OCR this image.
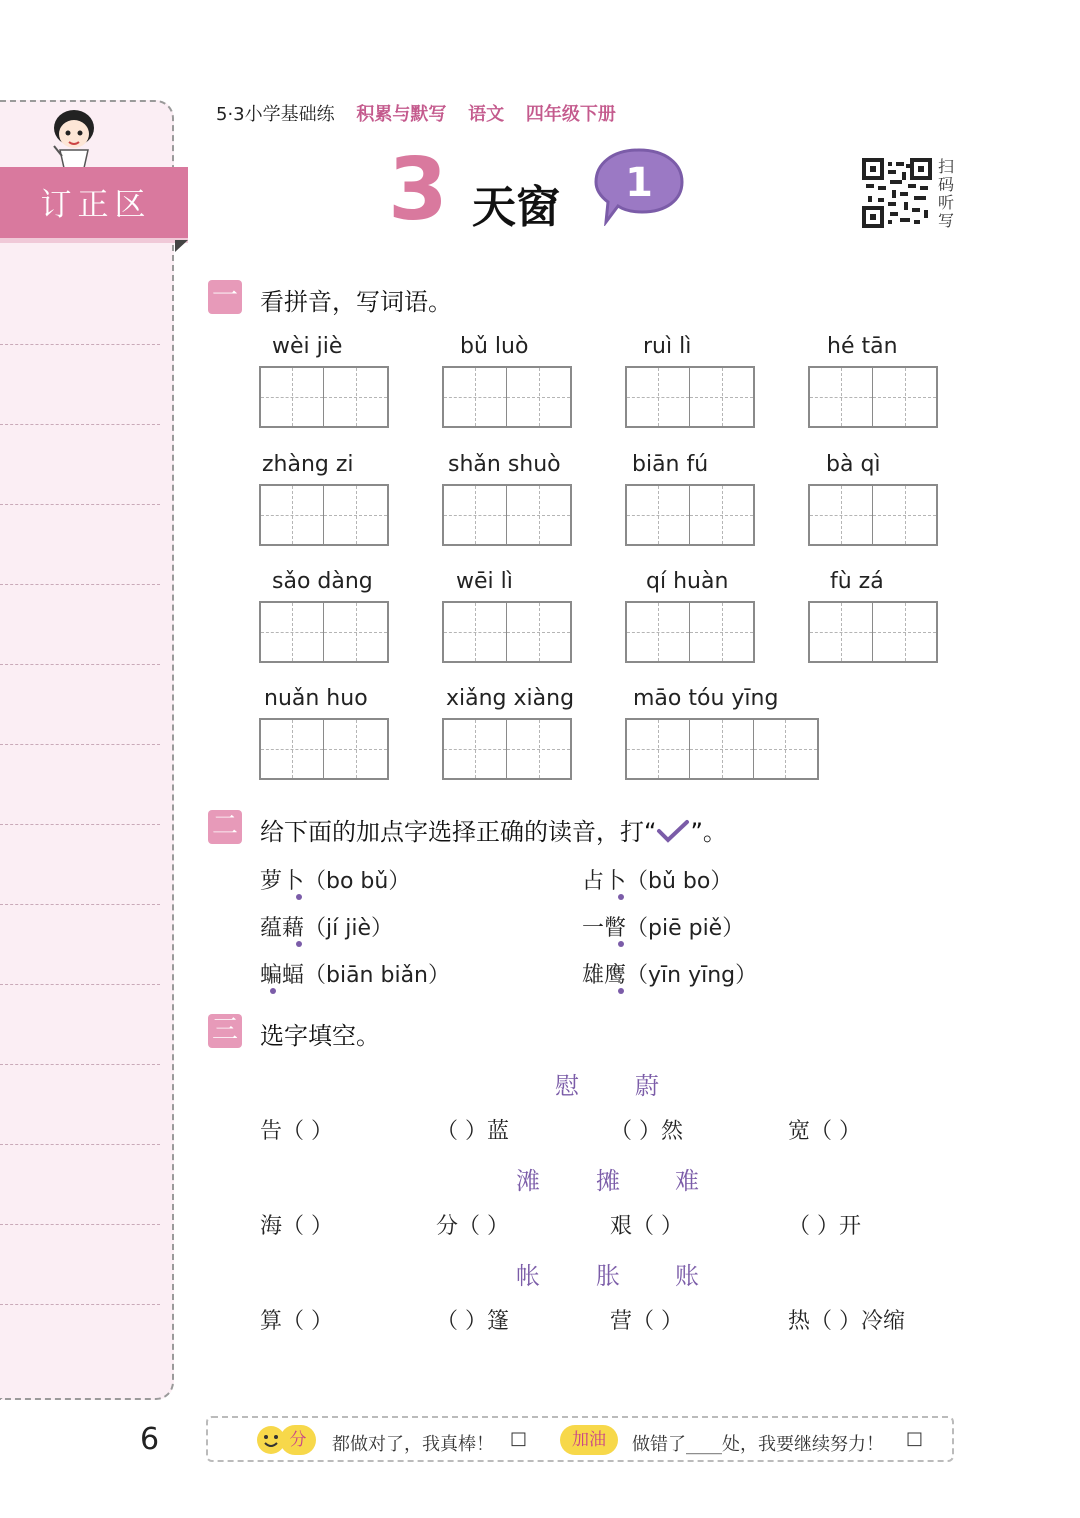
订正区
5·3小学基础练 积累与默写 语文 四年级下册
3 天窗 1	扫码听写
一 看拼音，写词语。
wèi jiè	bǔ luò	ruì lì	hé tān
zhàng zi	shǎn shuò	biān fú	bà qì
sǎo dàng	wēi lì	qí huàn	fù zá
nuǎn huo	xiǎng xiàng	māo tóu yīng
二 给下面的加点字选择正确的读音，打“ ”。
萝卜（bo bǔ）	占卜（bǔ bo）
蕴藉（jí jiè）	一瞥（piē piě）
蝙蝠（biān biǎn）	雄鹰（yīn yīng）
三 选字填空。
慰 蔚
告（ ）	（ ）蓝	（ ）然	宽（ ）
滩 摊 难
海（ ）	分（ ）	艰（ ）	（ ）开
帐 胀 账
算（ ）	（ ）篷	营（ ）	热（ ）冷缩
6	分	都做对了，我真棒！ □	加油	做错了____处，我要继续努力！ □
